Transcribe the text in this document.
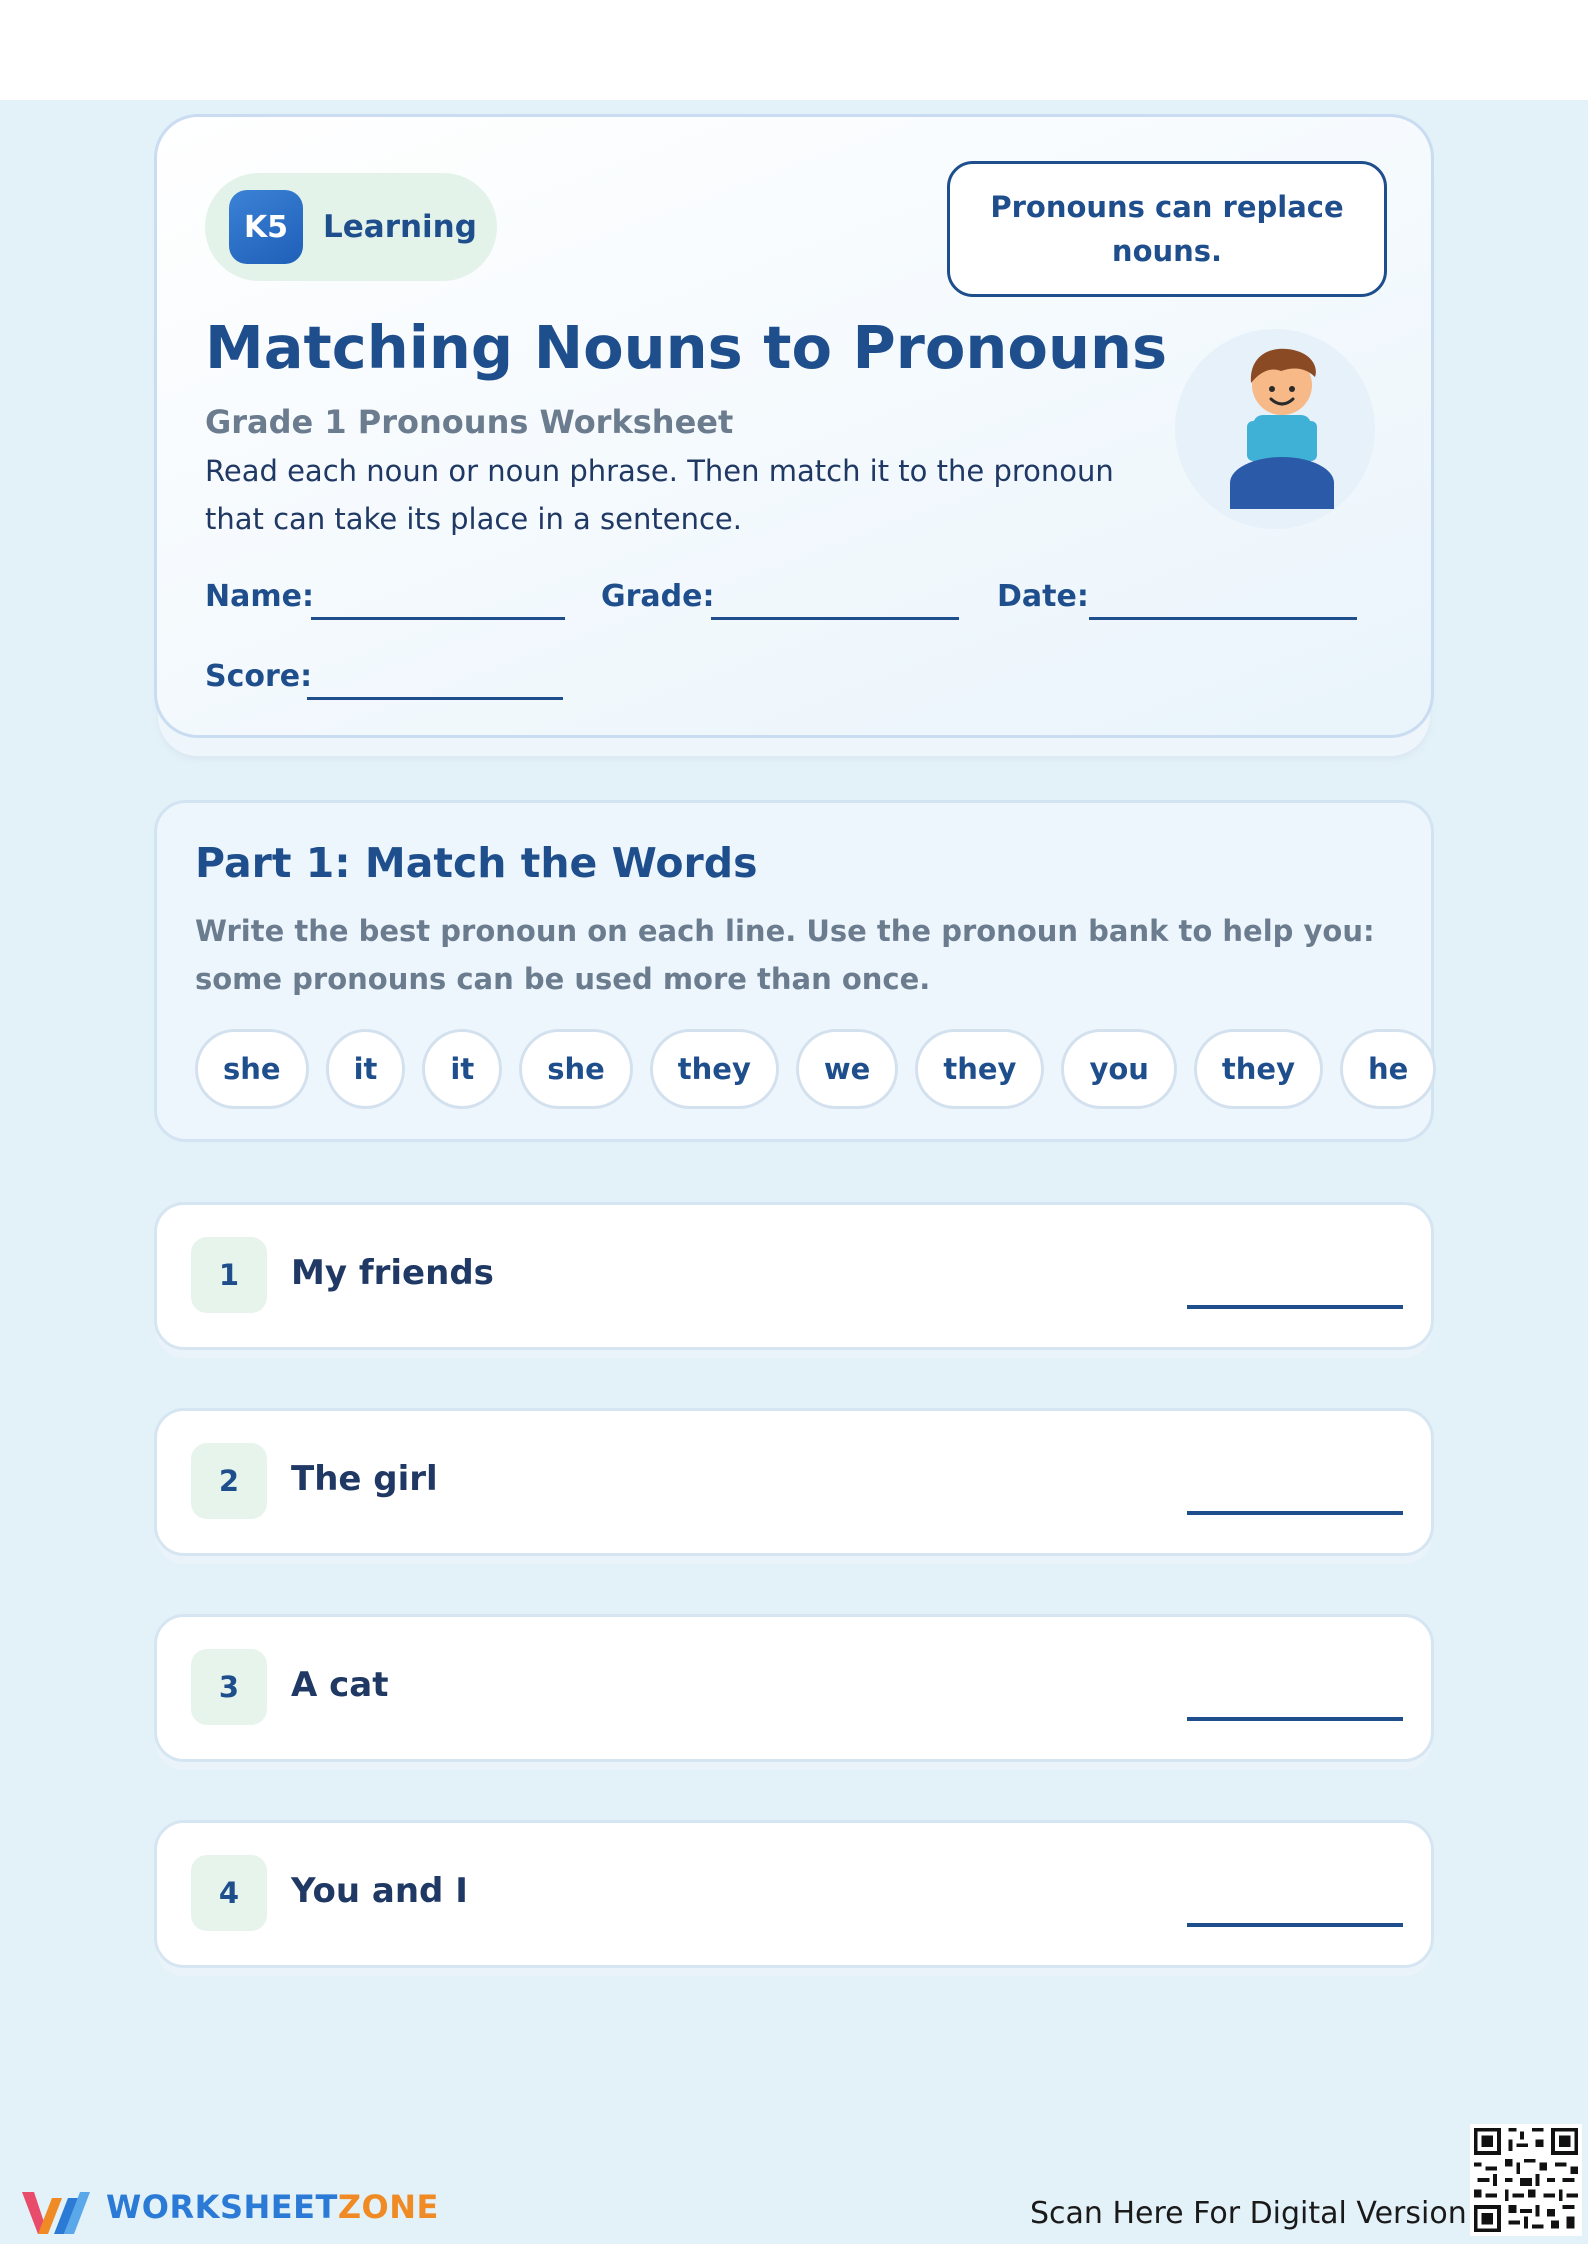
K5	Learning
Pronouns can replace nouns.
Matching Nouns to Pronouns
Grade 1 Pronouns Worksheet
Read each noun or noun phrase. Then match it to the pronoun that can take its place in a sentence.
Name:	Grade:	Date:
Score:
Part 1: Match the Words
Write the best pronoun on each line. Use the pronoun bank to help you: some pronouns can be used more than once.
she	it	it	she	they	we	they	you	they	he
1	My friends
2	The girl
3	A cat
4	You and I
WORKSHEETZONE	Scan Here For Digital Version
